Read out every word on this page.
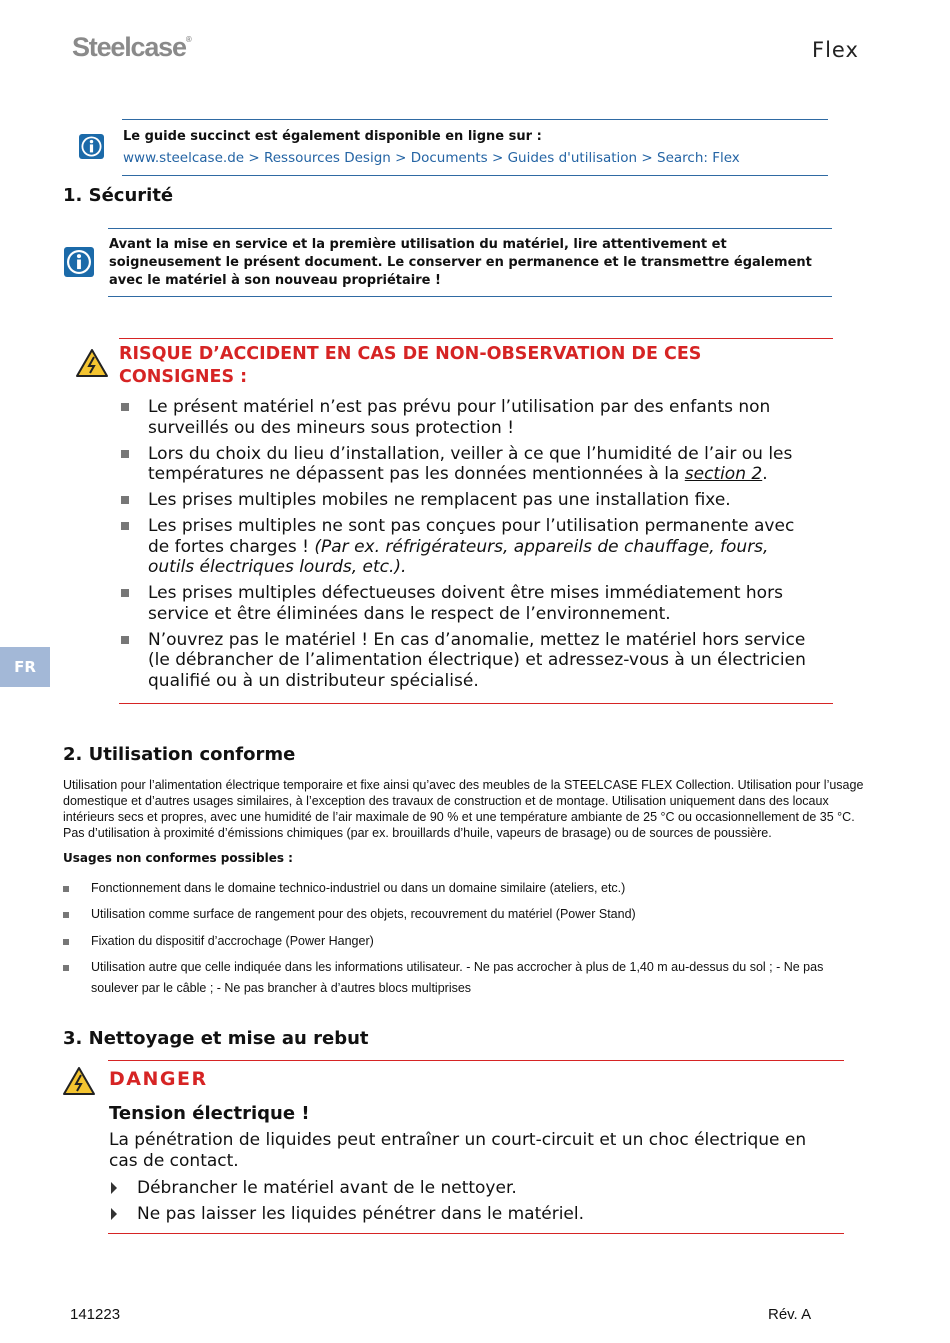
Steelcase®	Flex
Le guide succinct est également disponible en ligne sur :
www.steelcase.de > Ressources Design > Documents > Guides d'utilisation > Search: Flex
1. Sécurité
Avant la mise en service et la première utilisation du matériel, lire attentivement et soigneusement le présent document. Le conserver en permanence et le transmettre également avec le matériel à son nouveau propriétaire !
RISQUE D’ACCIDENT EN CAS DE NON-OBSERVATION DE CES CONSIGNES :
Le présent matériel n’est pas prévu pour l’utilisation par des enfants non surveillés ou des mineurs sous protection !
Lors du choix du lieu d’installation, veiller à ce que l’humidité de l’air ou les températures ne dépassent pas les données mentionnées à la section 2.
Les prises multiples mobiles ne remplacent pas une installation fixe.
Les prises multiples ne sont pas conçues pour l’utilisation permanente avec de fortes charges ! (Par ex. réfrigérateurs, appareils de chauffage, fours, outils électriques lourds, etc.).
Les prises multiples défectueuses doivent être mises immédiatement hors service et être éliminées dans le respect de l’environnement.
N’ouvrez pas le matériel ! En cas d’anomalie, mettez le matériel hors service (le débrancher de l’alimentation électrique) et adressez-vous à un électricien qualifié ou à un distributeur spécialisé.
FR
2. Utilisation conforme
Utilisation pour l’alimentation électrique temporaire et fixe ainsi qu’avec des meubles de la STEELCASE FLEX Collection. Utilisation pour l’usage domestique et d’autres usages similaires, à l’exception des travaux de construction et de montage. Utilisation uniquement dans des locaux intérieurs secs et propres, avec une humidité de l’air maximale de 90 % et une température ambiante de 25 °C ou occasionnellement de 35 °C. Pas d’utilisation à proximité d’émissions chimiques (par ex. brouillards d’huile, vapeurs de brasage) ou de sources de poussière.
Usages non conformes possibles :
Fonctionnement dans le domaine technico-industriel ou dans un domaine similaire (ateliers, etc.)
Utilisation comme surface de rangement pour des objets, recouvrement du matériel (Power Stand)
Fixation du dispositif d’accrochage (Power Hanger)
Utilisation autre que celle indiquée dans les informations utilisateur. - Ne pas accrocher à plus de 1,40 m au-dessus du sol ; - Ne pas soulever par le câble ; - Ne pas brancher à d’autres blocs multiprises
3. Nettoyage et mise au rebut
DANGER
Tension électrique !
La pénétration de liquides peut entraîner un court-circuit et un choc électrique en cas de contact.
Débrancher le matériel avant de le nettoyer.
Ne pas laisser les liquides pénétrer dans le matériel.
141223	Rév. A
